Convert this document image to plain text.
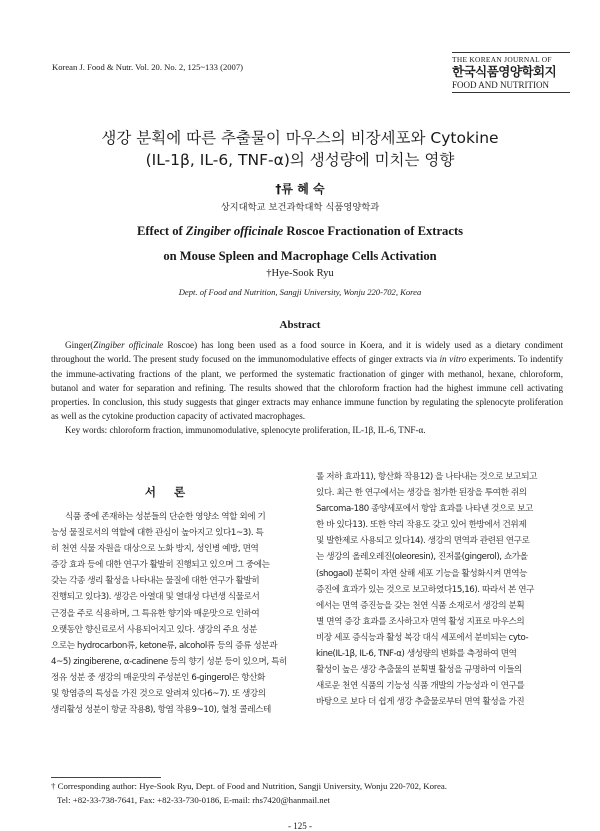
Korean J. Food & Nutr. Vol. 20. No. 2, 125~133 (2007)
THE KOREAN JOURNAL OF
한국식품영양학회지
FOOD AND NUTRITION
생강 분획에 따른 추출물이 마우스의 비장세포와 Cytokine
(IL-1β, IL-6, TNF-α)의 생성량에 미치는 영향
†류 혜 숙
상지대학교 보건과학대학 식품영양학과
Effect of Zingiber officinale Roscoe Fractionation of Extracts
on Mouse Spleen and Macrophage Cells Activation
†Hye-Sook Ryu
Dept. of Food and Nutrition, Sangji University, Wonju 220-702, Korea
Abstract
Ginger(Zingiber officinale Roscoe) has long been used as a food source in Koera, and it is widely used as a dietary condiment throughout the world. The present study focused on the immunomodulative effects of ginger extracts via in vitro experiments. To indentify the immune-activating fractions of the plant, we performed the systematic fractionation of ginger with methanol, hexane, chloroform, butanol and water for separation and refining. The results showed that the chloroform fraction had the highest immune cell activating properties. In conclusion, this study suggests that ginger extracts may enhance immune function by regulating the splenocyte proliferation as well as the cytokine production capacity of activated macrophages.
Key words: chloroform fraction, immunomodulative, splenocyte proliferation, IL-1β, IL-6, TNF-α.
서론
식품 중에 존재하는 성분들의 단순한 영양소 역할 외에 기
능성 물질로서의 역할에 대한 관심이 높아지고 있다1~3). 특
히 천연 식물 자원을 대상으로 노화 방지, 성인병 예방, 면역
증강 효과 등에 대한 연구가 활발히 진행되고 있으며 그 중에는
갖는 각종 생리 활성을 나타내는 물질에 대한 연구가 활발히
진행되고 있다3). 생강은 아열대 및 열대성 다년생 식물로서
근경을 주로 식용하며, 그 특유한 향기와 매운맛으로 인하여
오랫동안 향신료로서 사용되어지고 있다. 생강의 주요 성분
으로는 hydrocarbon류, ketone류, alcohol류 등의 증류 성분과
4~5) zingiberene, α-cadinene 등의 향기 성분 등이 있으며, 특히
정유 성분 중 생강의 매운맛의 주성분인 6-gingerol은 항산화
및 항염증의 특성을 가진 것으로 알려져 있다6~7). 또 생강의
생리활성 성분이 항균 작용8), 항염 작용9~10), 혈청 콜레스테
롤 저하 효과11), 항산화 작용12) 을 나타내는 것으로 보고되고
있다. 최근 한 연구에서는 생강을 첨가한 된장을 투여한 쥐의
Sarcoma-180 종양세포에서 항암 효과를 나타낸 것으로 보고
한 바 있다13). 또한 약리 작용도 갖고 있어 한방에서 건위제
및 발한제로 사용되고 있다14). 생강의 면역과 관련된 연구로
는 생강의 올레오레진(oleoresin), 진저롤(gingerol), 쇼가올
(shogaol) 분획이 자연 살해 세포 기능을 활성화시켜 면역능
증진에 효과가 있는 것으로 보고하였다15,16). 따라서 본 연구
에서는 면역 증진능을 갖는 천연 식품 소재로서 생강의 분획
별 면역 증강 효과를 조사하고자 면역 활성 지표로 마우스의
비장 세포 증식능과 활성 복강 대식 세포에서 분비되는 cyto-
kine(IL-1β, IL-6, TNF-α) 생성량의 변화를 측정하여 면역
활성이 높은 생강 추출물의 분획별 활성을 규명하여 이들의
새로운 천연 식품의 기능성 식품 개발의 가능성과 이 연구를
바탕으로 보다 더 쉽게 생강 추출물로부터 면역 활성을 가진
† Corresponding author: Hye-Sook Ryu, Dept. of Food and Nutrition, Sangji University, Wonju 220-702, Korea.
Tel: +82-33-738-7641, Fax: +82-33-730-0186, E-mail: rhs7420@hanmail.net
- 125 -
